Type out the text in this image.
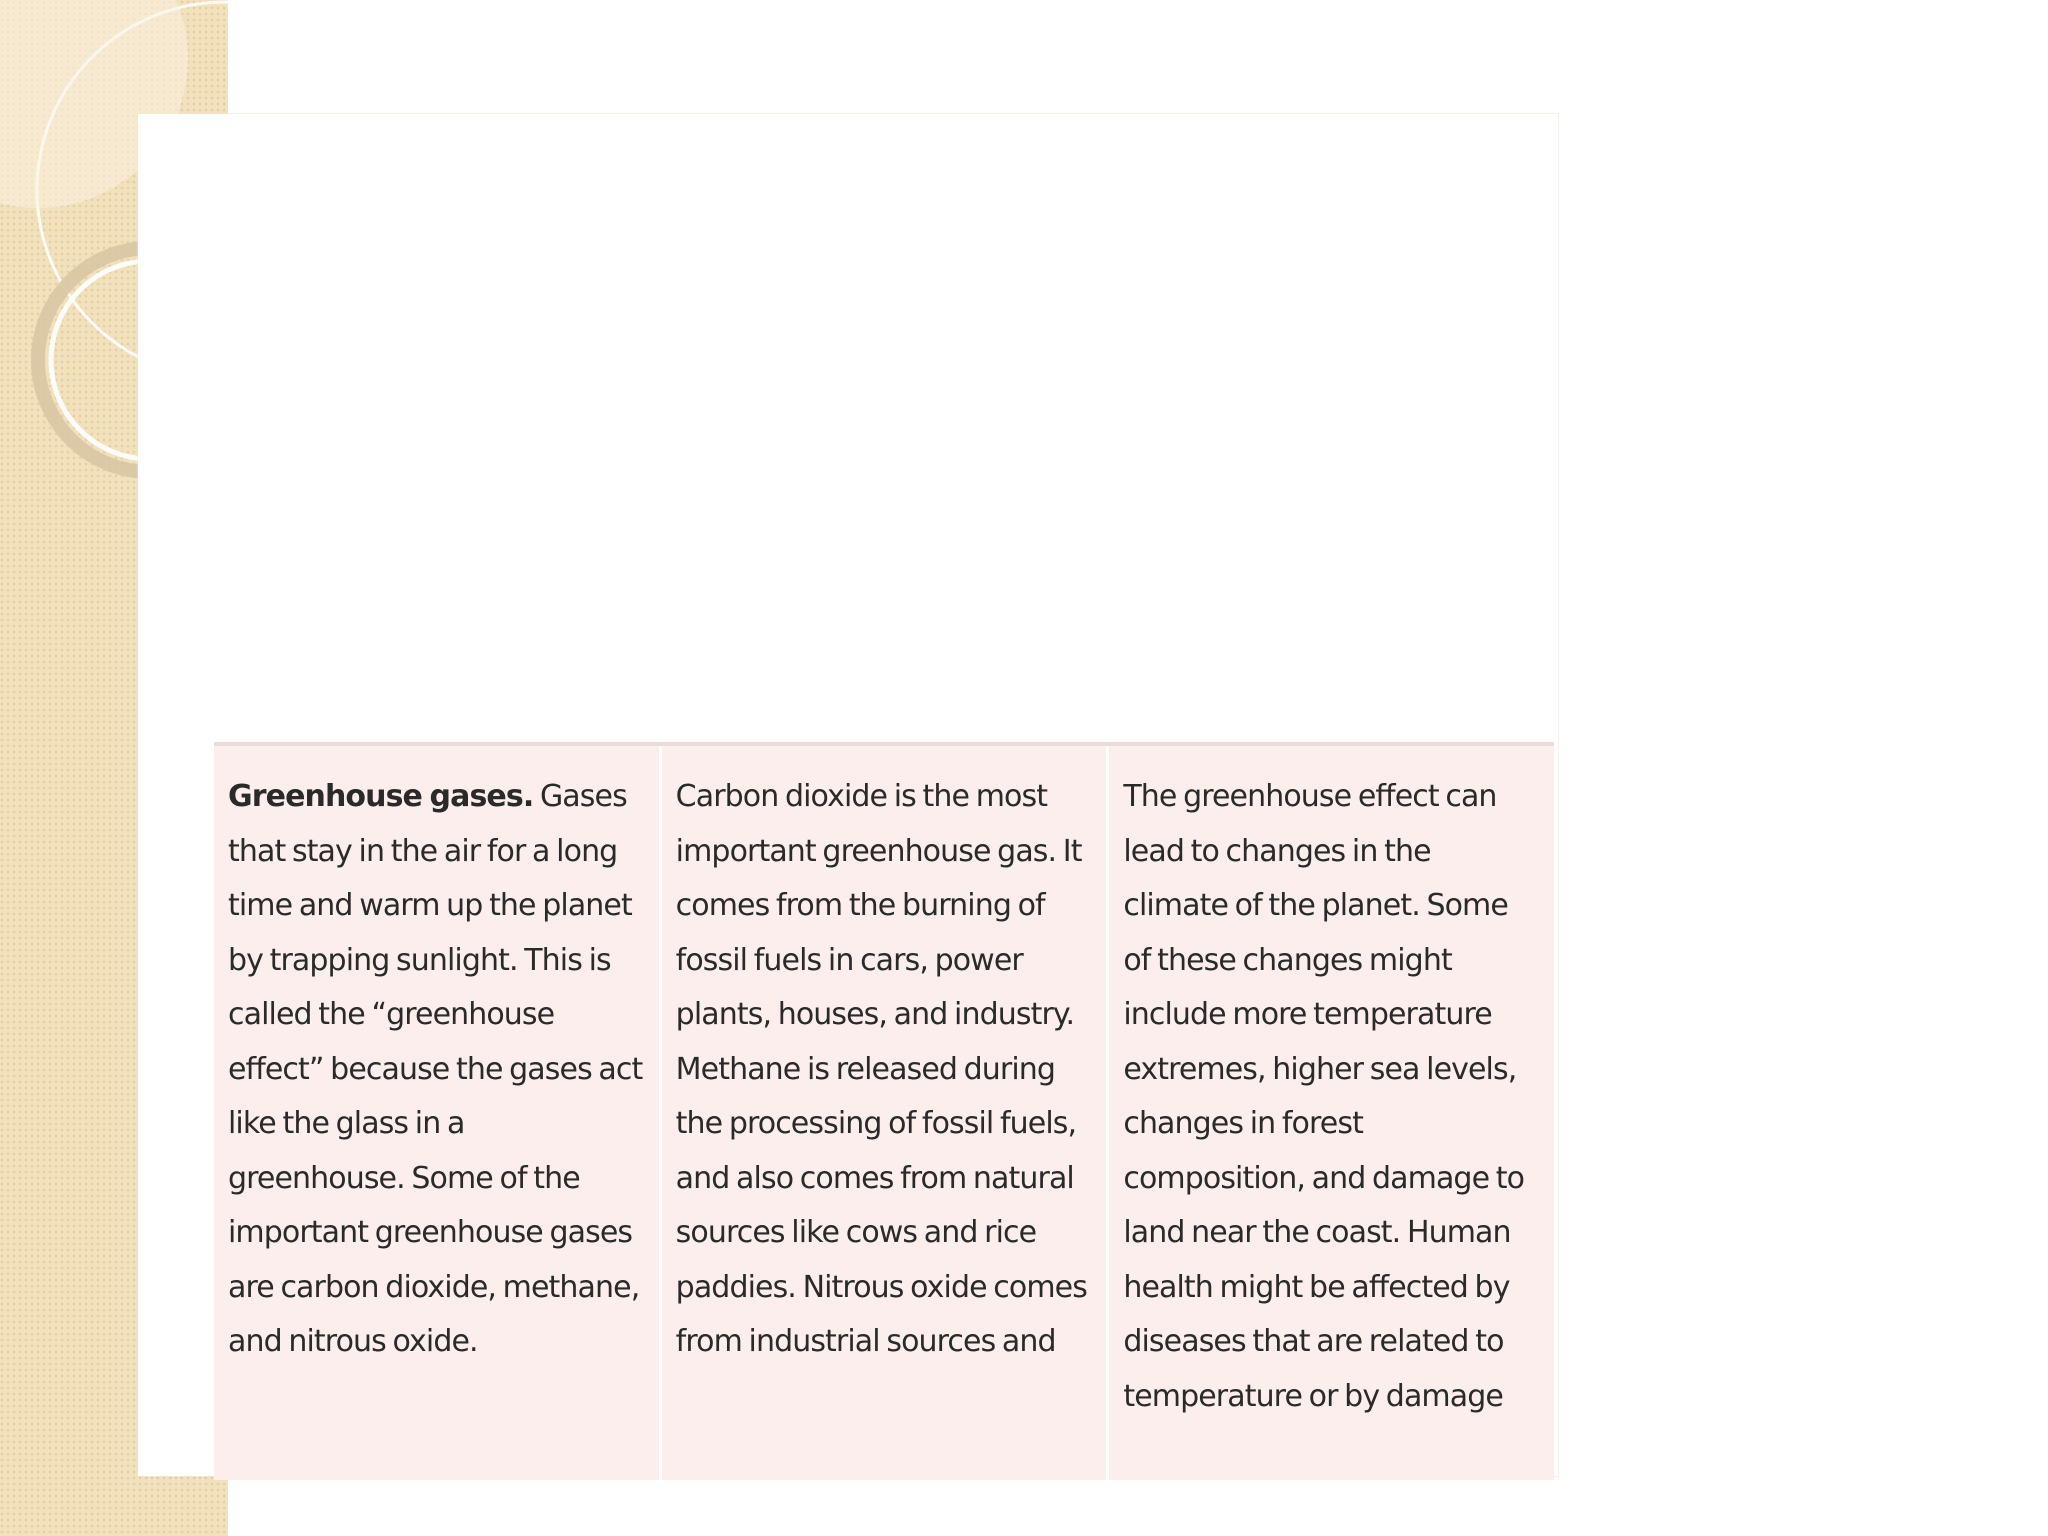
Greenhouse gases. Gases that stay in the air for a long time and warm up the planet by trapping sunlight. This is called the “greenhouse effect” because the gases act like the glass in a greenhouse. Some of the important greenhouse gases are carbon dioxide, methane, and nitrous oxide.
Carbon dioxide is the most important greenhouse gas. It comes from the burning of fossil fuels in cars, power plants, houses, and industry. Methane is released during the processing of fossil fuels, and also comes from natural sources like cows and rice paddies. Nitrous oxide comes from industrial sources and
The greenhouse effect can lead to changes in the climate of the planet. Some of these changes might include more temperature extremes, higher sea levels, changes in forest composition, and damage to land near the coast. Human health might be affected by diseases that are related to temperature or by damage
